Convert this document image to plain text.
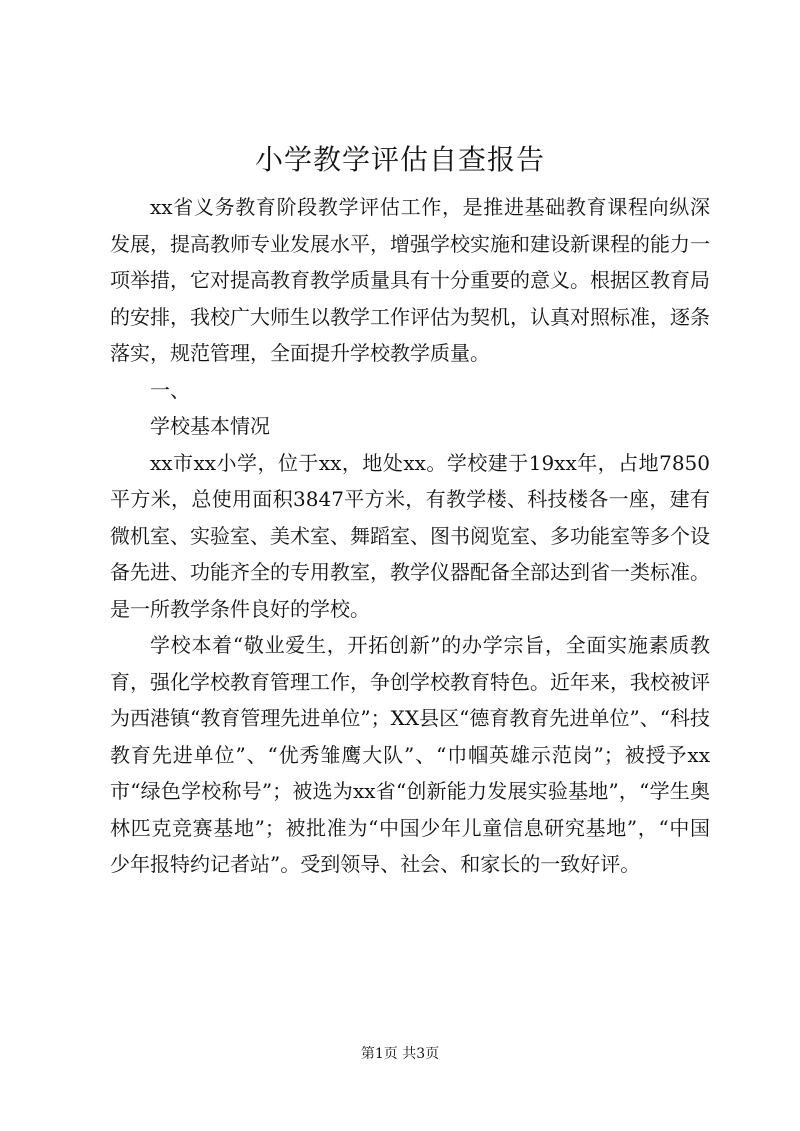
小学教学评估自查报告

xx省义务教育阶段教学评估工作，是推进基础教育课程向纵深发展，提高教师专业发展水平，增强学校实施和建设新课程的能力一项举措，它对提高教育教学质量具有十分重要的意义。根据区教育局的安排，我校广大师生以教学工作评估为契机，认真对照标准，逐条落实，规范管理，全面提升学校教学质量。

一、

学校基本情况

xx市xx小学，位于xx，地处xx。学校建于19xx年，占地7850平方米，总使用面积3847平方米，有教学楼、科技楼各一座，建有微机室、实验室、美术室、舞蹈室、图书阅览室、多功能室等多个设备先进、功能齐全的专用教室，教学仪器配备全部达到省一类标准。是一所教学条件良好的学校。

学校本着“敬业爱生，开拓创新”的办学宗旨，全面实施素质教育，强化学校教育管理工作，争创学校教育特色。近年来，我校被评为西港镇“教育管理先进单位”；XX县区“德育教育先进单位”、“科技教育先进单位”、“优秀雏鹰大队”、“巾帼英雄示范岗”；被授予xx市“绿色学校称号”；被选为xx省“创新能力发展实验基地”，“学生奥林匹克竞赛基地”；被批准为“中国少年儿童信息研究基地”，“中国少年报特约记者站”。受到领导、社会、和家长的一致好评。

第1页 共3页
